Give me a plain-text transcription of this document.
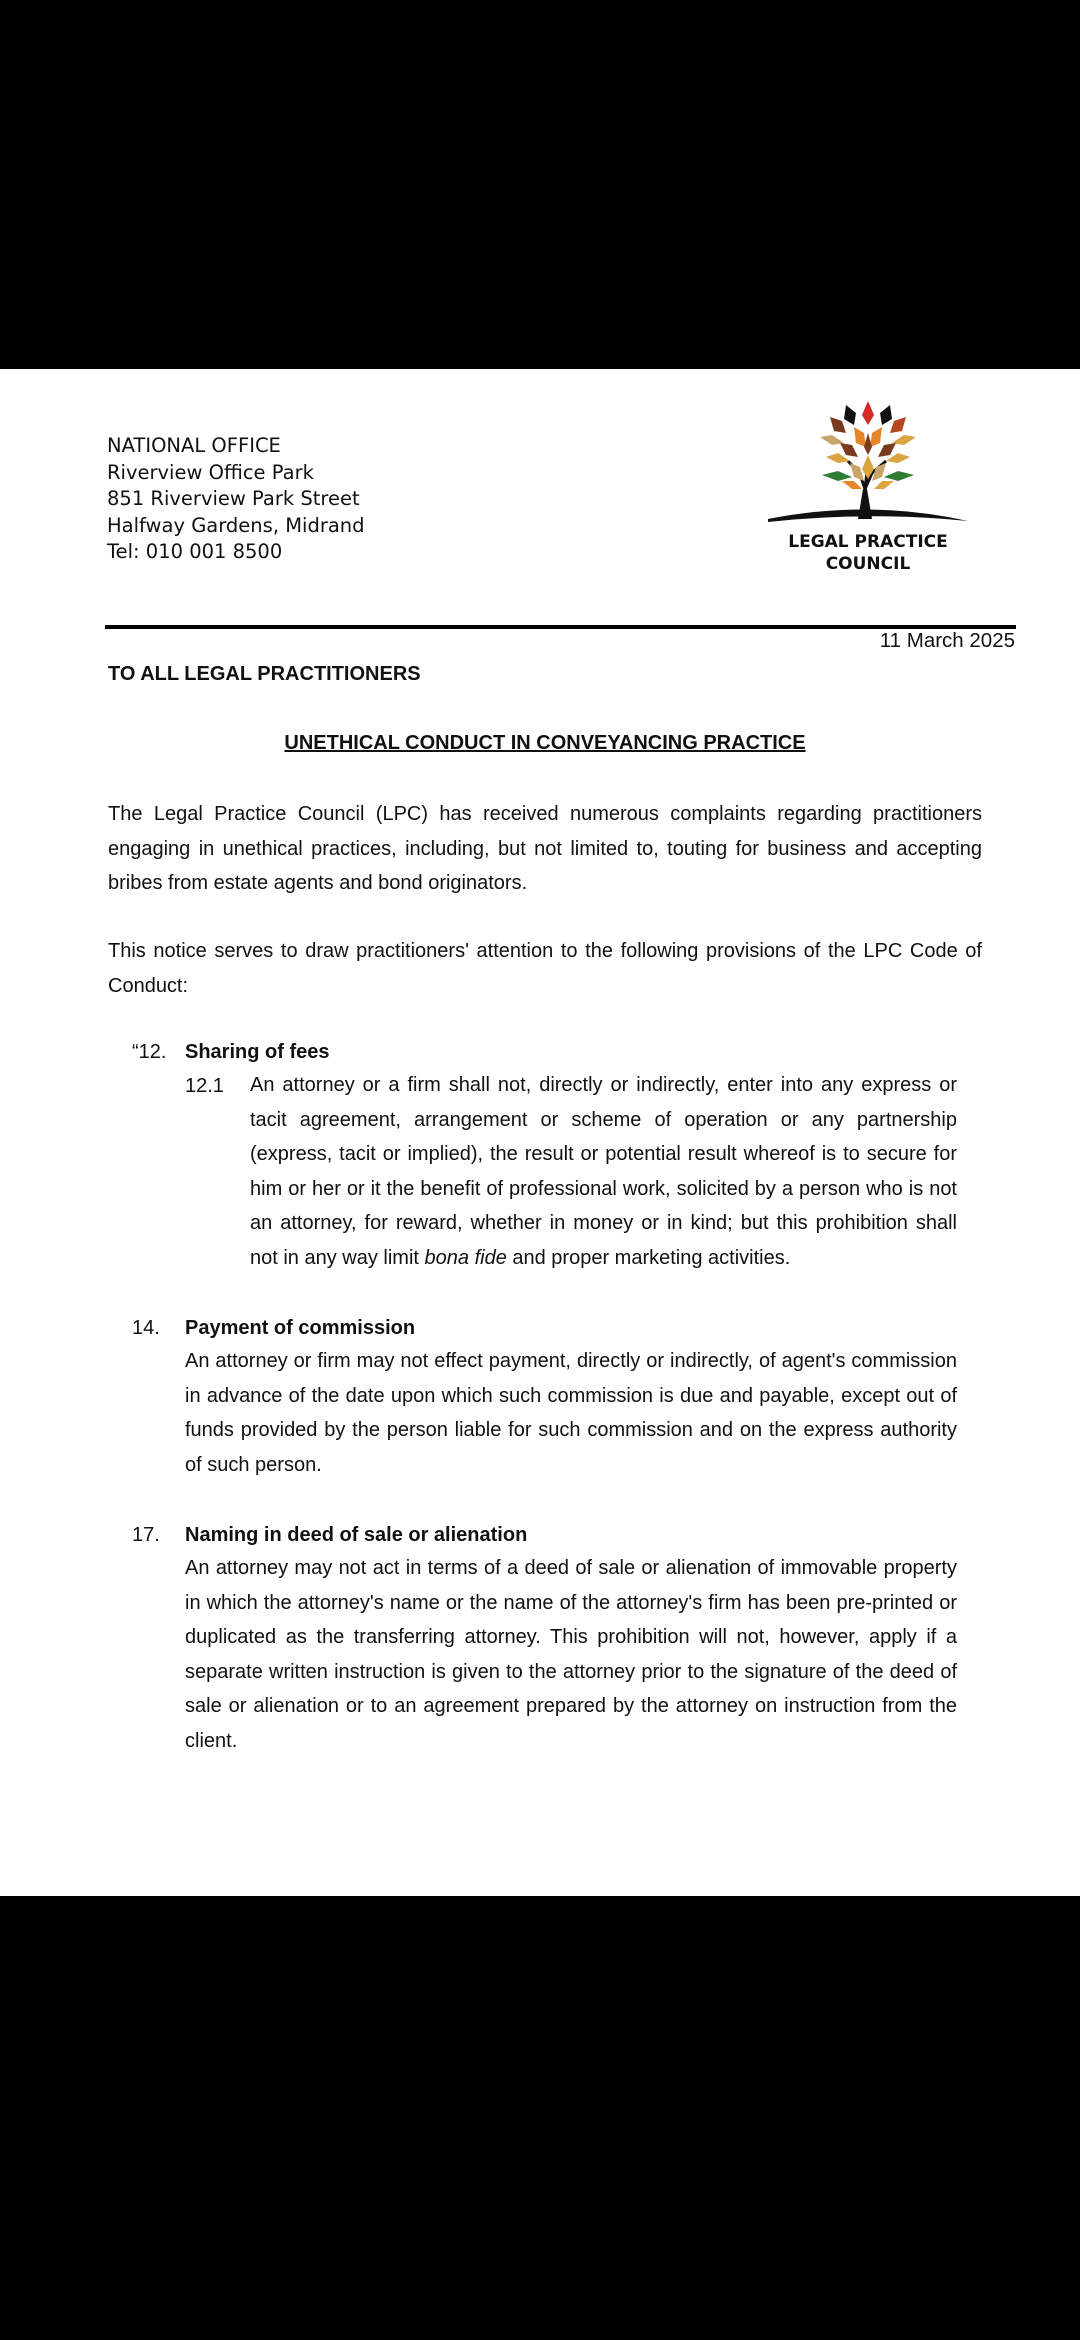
NATIONAL OFFICE
Riverview Office Park
851 Riverview Park Street
Halfway Gardens, Midrand
Tel: 010 001 8500	LEGAL PRACTICE
COUNCIL
11 March 2025
TO ALL LEGAL PRACTITIONERS
UNETHICAL CONDUCT IN CONVEYANCING PRACTICE
The Legal Practice Council (LPC) has received numerous complaints regarding practitioners engaging in unethical practices, including, but not limited to, touting for business and accepting bribes from estate agents and bond originators.
This notice serves to draw practitioners' attention to the following provisions of the LPC Code of Conduct:
“12. Sharing of fees
12.1 An attorney or a firm shall not, directly or indirectly, enter into any express or tacit agreement, arrangement or scheme of operation or any partnership (express, tacit or implied), the result or potential result whereof is to secure for him or her or it the benefit of professional work, solicited by a person who is not an attorney, for reward, whether in money or in kind; but this prohibition shall not in any way limit bona fide and proper marketing activities.
14. Payment of commission
An attorney or firm may not effect payment, directly or indirectly, of agent's commission in advance of the date upon which such commission is due and payable, except out of funds provided by the person liable for such commission and on the express authority of such person.
17. Naming in deed of sale or alienation
An attorney may not act in terms of a deed of sale or alienation of immovable property in which the attorney's name or the name of the attorney's firm has been pre-printed or duplicated as the transferring attorney. This prohibition will not, however, apply if a separate written instruction is given to the attorney prior to the signature of the deed of sale or alienation or to an agreement prepared by the attorney on instruction from the client.
